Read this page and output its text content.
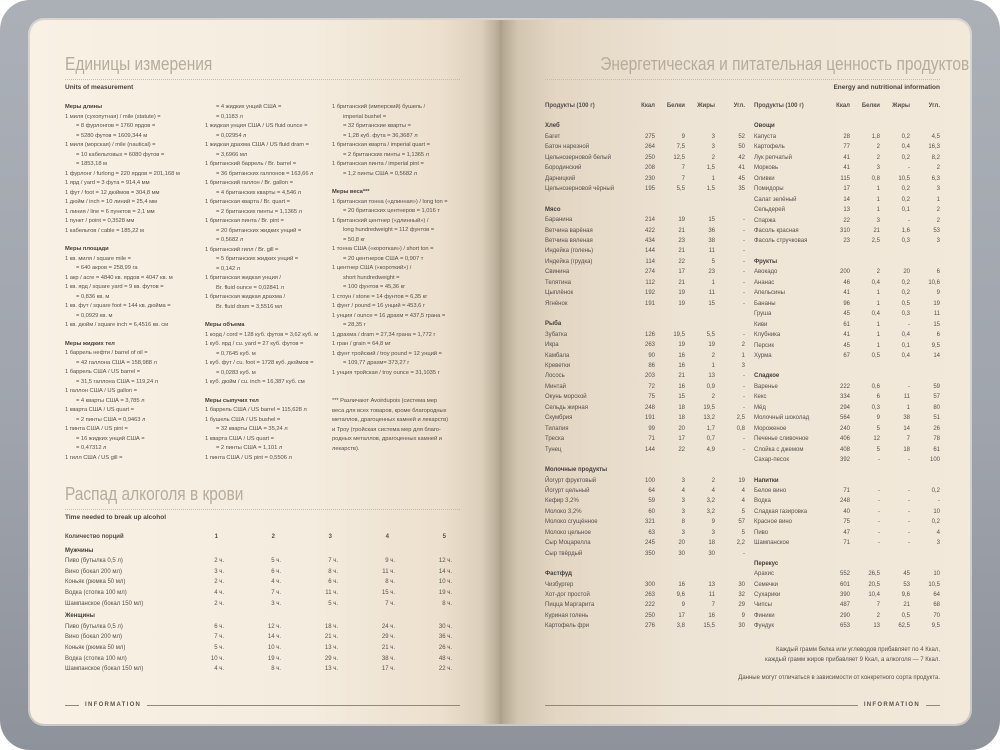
Единицы измерения
Units of measurement
Меры длины
1 миля (сухопутная) / mile (statute) =
= 8 фурлонгов = 1760 ярдов =
= 5280 футов = 1609,344 м
1 миля (морская) / mile (nautical) =
= 10 кабельтовых = 6080 футов =
= 1853,18 м
1 фурлонг / furlong = 220 ярдов = 201,168 м
1 ярд / yard = 3 фута = 914,4 мм
1 фут / foot = 12 дюймов = 304,8 мм
1 дюйм / inch = 10 линий = 25,4 мм
1 линия / line = 6 пунктов = 2,1 мм
1 пункт / point = 0,3528 мм
1 кабельтов / cable = 185,22 м
Меры площади
1 кв. миля / square mile =
= 640 акров = 258,99 га
1 акр / acre = 4840 кв. ярдов = 4047 кв. м
1 кв. ярд / square yard = 9 кв. футов =
= 0,836 кв. м
1 кв. фут / square foot = 144 кв. дюйма =
= 0,0929 кв. м
1 кв. дюйм / square inch = 6,4516 кв. см
Меры жидких тел
1 баррель нефти / barrel of oil =
= 42 галлона США = 158,988 л
1 баррель США / US barrel =
= 31,5 галлона США = 119,24 л
1 галлон США / US gallon =
= 4 кварты США = 3,785 л
1 кварта США / US quart =
= 2 пинты США = 0,9463 л
1 пинта США / US pint =
= 16 жидких унций США =
= 0,47312 л
1 гилл США / US gill =
= 4 жидких унций США =
= 0,1183 л
1 жидкая унция США / US fluid ounce =
= 0,02954 л
1 жидкая драхма США / US fluid dram =
= 3,6966 мл
1 британский баррель / Br. barrel =
= 36 британских галлонов = 163,66 л
1 британский галлон / Br. gallon =
= 4 британских кварты = 4,546 л
1 британская кварта / Br. quart =
= 2 британских пинты = 1,1365 л
1 британская пинта / Br. pint =
= 20 британских жидких унций =
= 0,5682 л
1 британский гилл / Br. gill =
= 5 британских жидких унций =
= 0,142 л
1 британская жидкая унция /
Br. fluid ounce = 0,02841 л
1 британская жидкая драхма /
Br. fluid dram = 3,5516 мл
Меры объема
1 корд / cord = 128 куб. футов = 3,62 куб. м
1 куб. ярд / cu. yard = 27 куб. футов =
= 0,7645 куб. м
1 куб. фут / cu. foot = 1728 куб. дюймов =
= 0,0283 куб. м
1 куб. дюйм / cu. inch = 16,387 куб. см
Меры сыпучих тел
1 баррель США / US barrel = 115,628 л
1 бушель США / US bushel =
= 32 кварты США = 35,24 л
1 кварта США / US quart =
= 2 пинты США = 1,101 л
1 пинта США / US pint = 0,5506 л
1 британский (имперский) бушель /
imperial bushel =
= 32 британские кварты =
= 1,28 куб. фута = 36,3687 л
1 британская кварта / imperial quart =
= 2 британских пинты = 1,1365 л
1 британская пинта / imperial pint =
= 1,2 пинты США = 0,5682 л
Меры веса***
1 британская тонна («длинная») / long ton =
= 20 британских центнеров = 1,016 т
1 британский центнер («длинный») /
long hundredweight = 112 фунтов =
= 50,8 кг
1 тонна США («короткая») / short ton =
= 20 центнеров США = 0,907 т
1 центнер США («короткий») /
short hundredweight =
= 100 фунтов = 45,36 кг
1 стоун / stone = 14 фунтов = 6,35 кг
1 фунт / pound = 16 унций = 453,6 г
1 унция / ounce = 16 драхм = 437,5 грана =
= 28,35 г
1 драхма / dram = 27,34 грана = 1,772 г
1 гран / grain = 64,8 мг
1 фунт тройский / troy pound = 12 унций =
= 109,77 драхм= 373,27 г
1 унция тройская / troy ounce = 31,1035 г
*** Различают Avoirdupois (система мер
веса для всех товаров, кроме благородных
металлов, драгоценных камней и лекарств)
и Троу (тройская система мер для благо-
родных металлов, драгоценных камней и
лекарств).
Распад алкоголя в крови
Time needed to break up alcohol
Количество порций	1	2	3	4	5
Мужчины
Пиво (бутылка 0,5 л)	2 ч.	5 ч.	7 ч.	9 ч.	12 ч.
Вино (бокал 200 мл)	3 ч.	6 ч.	8 ч.	11 ч.	14 ч.
Коньяк (рюмка 50 мл)	2 ч.	4 ч.	6 ч.	8 ч.	10 ч.
Водка (стопка 100 мл)	4 ч.	7 ч.	11 ч.	15 ч.	19 ч.
Шампанское (бокал 150 мл)	2 ч.	3 ч.	5 ч.	7 ч.	8 ч.
Женщины
Пиво (бутылка 0,5 л)	6 ч.	12 ч.	18 ч.	24 ч.	30 ч.
Вино (бокал 200 мл)	7 ч.	14 ч.	21 ч.	29 ч.	36 ч.
Коньяк (рюмка 50 мл)	5 ч.	10 ч.	13 ч.	21 ч.	26 ч.
Водка (стопка 100 мл)	10 ч.	19 ч.	29 ч.	38 ч.	48 ч.
Шампанское (бокал 150 мл)	4 ч.	8 ч.	13 ч.	17 ч.	22 ч.
INFORMATION
Энергетическая и питательная ценность продуктов
Energy and nutritional information
Продукты (100 г)	Ккал	Белки	Жиры	Угл.
Хлеб
Багет	275	9	3	52
Батон нарезной	264	7,5	3	50
Цельнозерновой белый	250	12,5	2	42
Бородинский	208	7	1,5	41
Дарницкий	230	7	1	45
Цельнозерновой чёрный	195	5,5	1,5	35
Мясо
Баранина	214	19	15	-
Ветчина варёная	422	21	36	-
Ветчина вяленая	434	23	38	-
Индейка (голень)	144	21	11	-
Индейка (грудка)	114	22	5	-
Свинина	274	17	23	-
Телятина	112	21	1	-
Цыплёнок	192	19	11	-
Ягнёнок	191	19	15	-
Рыба
Зубатка	126	19,5	5,5	-
Икра	263	19	19	2
Камбала	90	16	2	1
Креветки	86	16	1	3
Лосось	203	21	13	-
Минтай	72	16	0,9	-
Окунь морской	75	15	2	-
Сельдь жирная	248	18	19,5	-
Скумбрия	191	18	13,2	2,5
Тилапия	99	20	1,7	0,8
Треска	71	17	0,7	-
Тунец	144	22	4,9	-
Молочные продукты
Йогурт фруктовый	100	3	2	19
Йогурт цельный	64	4	4	4
Кефир 3,2%	59	3	3,2	4
Молоко 3,2%	60	3	3,2	5
Молоко сгущённое	321	8	9	57
Молоко цельное	63	3	3	5
Сыр Моцарелла	245	20	18	2,2
Сыр твёрдый	350	30	30	-
Фастфуд
Чизбургер	300	16	13	30
Хот-дог простой	263	9,6	11	32
Пицца Маргарита	222	9	7	29
Куриная голень	250	17	16	9
Картофель фри	276	3,8	15,5	30
Продукты (100 г)	Ккал	Белки	Жиры	Угл.
Овощи
Капуста	28	1,8	0,2	4,5
Картофель	77	2	0,4	16,3
Лук репчатый	41	2	0,2	8,2
Морковь	41	3	-	2
Оливки	115	0,8	10,5	6,3
Помидоры	17	1	0,2	3
Салат зелёный	14	1	0,2	1
Сельдерей	13	1	0,1	2
Спаржа	22	3	-	2
Фасоль красная	310	21	1,6	53
Фасоль стручковая	23	2,5	0,3	3
Фрукты
Авокадо	200	2	20	6
Ананас	46	0,4	0,2	10,6
Апельсины	41	1	0,2	9
Бананы	96	1	0,5	19
Груша	45	0,4	0,3	11
Киви	61	1	-	15
Клубника	41	1	0,4	6
Персик	45	1	0,1	9,5
Хурма	67	0,5	0,4	14
Сладкое
Варенье	222	0,6	-	59
Кекс	334	6	11	57
Мёд	294	0,3	1	80
Молочный шоколад	564	9	38	51
Мороженое	240	5	14	26
Печенье сливочное	406	12	7	78
Слойка с джемом	408	5	18	61
Сахар-песок	392	-	-	100
Напитки
Белое вино	71	-	-	0,2
Водка	248	-	-	-
Сладкая газировка	40	-	-	10
Красное вино	75	-	-	0,2
Пиво	47	-	-	4
Шампанское	71	-	-	3
Перекус
Арахис	552	26,5	45	10
Семечки	601	20,5	53	10,5
Сухарики	390	10,4	9,6	64
Чипсы	487	7	21	68
Финики	290	2	0,5	70
Фундук	653	13	62,5	9,5
Каждый грамм белка или углеводов прибавляет по 4 Ккал,
каждый грамм жиров прибавляет 9 Ккал, а алкоголя — 7 Ккал.
Данные могут отличаться в зависимости от конкретного сорта продукта.
INFORMATION
